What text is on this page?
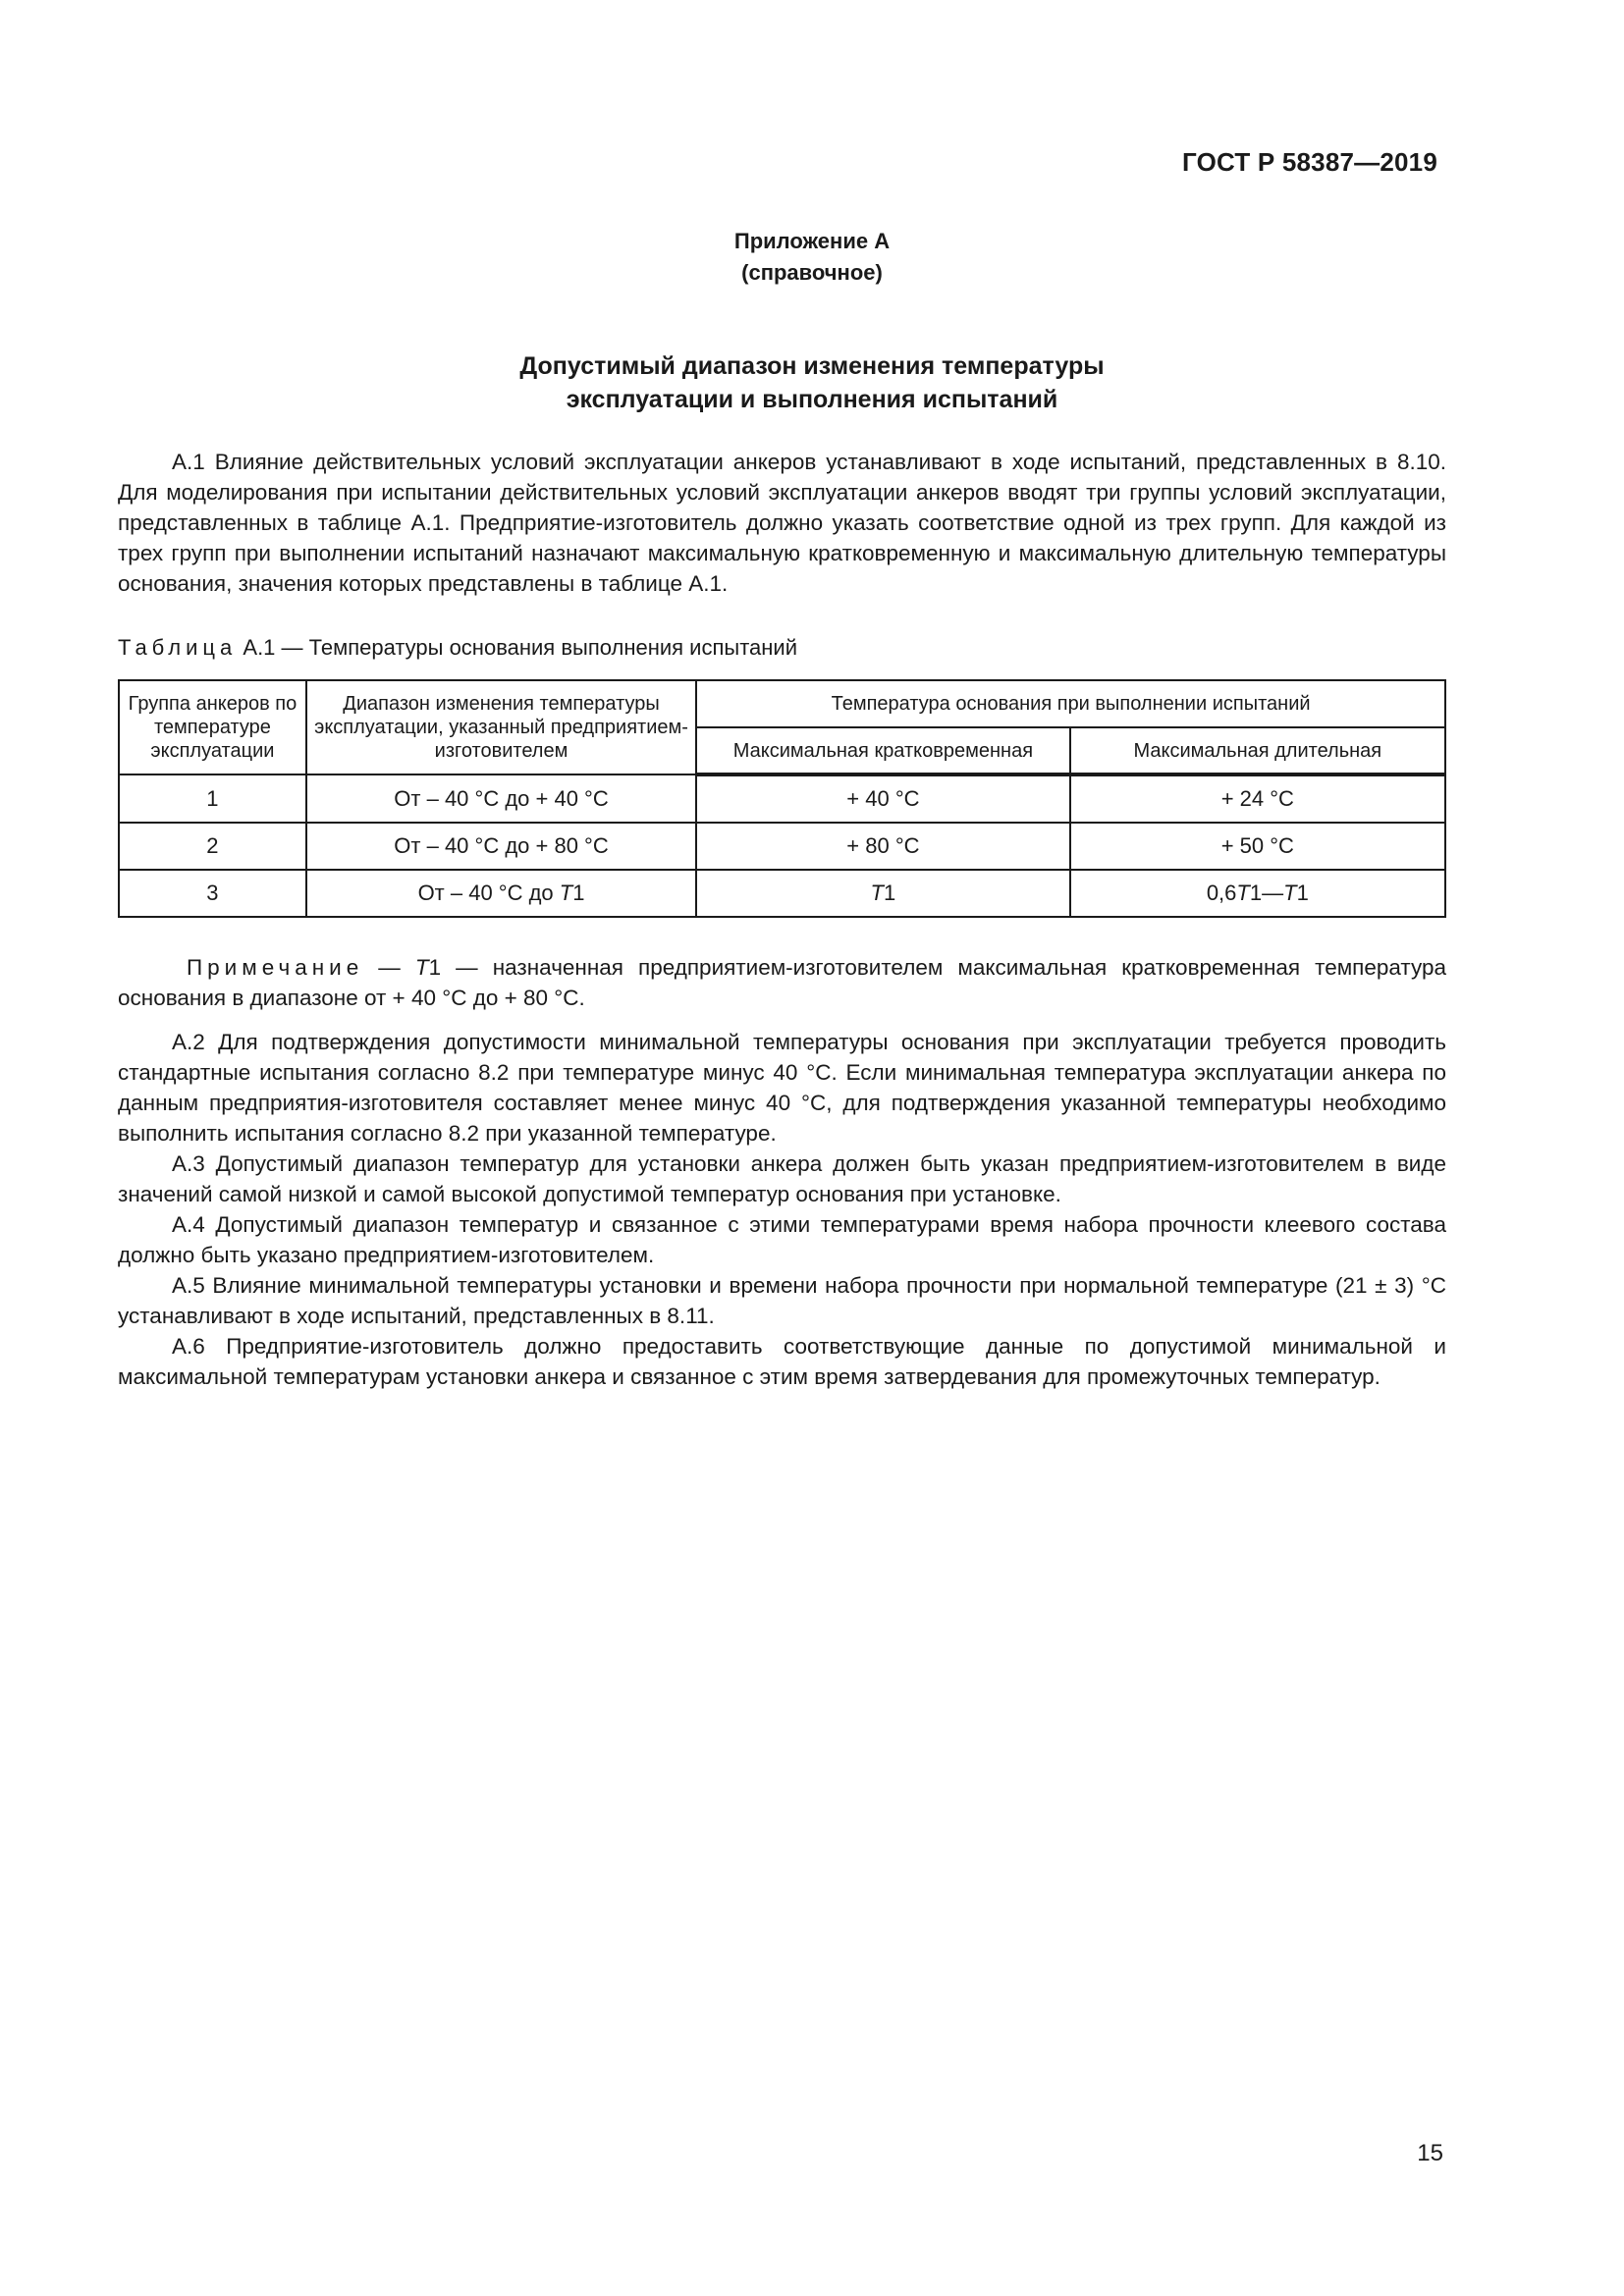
ГОСТ Р 58387—2019
Приложение А
(справочное)
Допустимый диапазон изменения температуры
эксплуатации и выполнения испытаний

А.1 Влияние действительных условий эксплуатации анкеров устанавливают в ходе испытаний, представленных в 8.10. Для моделирования при испытании действительных условий эксплуатации анкеров вводят три группы условий эксплуатации, представленных в таблице А.1. Предприятие-изготовитель должно указать соответствие одной из трех групп. Для каждой из трех групп при выполнении испытаний назначают максимальную кратковременную и максимальную длительную температуры основания, значения которых представлены в таблице А.1.

Таблица А.1 — Температуры основания выполнения испытаний
Группа анкеров по температуре эксплуатации	Диапазон изменения температуры эксплуатации, указанный предприятием-изготовителем	Температура основания при выполнении испытаний	
		Максимальная кратковременная	Максимальная длительная
1	От – 40 °С до + 40 °С	+ 40 °С	+ 24 °С
2	От – 40 °С до + 80 °С	+ 80 °С	+ 50 °С
3	От – 40 °С до T1	T1	0,6T1—T1

Примечание — T1 — назначенная предприятием-изготовителем максимальная кратковременная температура основания в диапазоне от + 40 °С до + 80 °С.

А.2 Для подтверждения допустимости минимальной температуры основания при эксплуатации требуется проводить стандартные испытания согласно 8.2 при температуре минус 40 °С. Если минимальная температура эксплуатации анкера по данным предприятия-изготовителя составляет менее минус 40 °С, для подтверждения указанной температуры необходимо выполнить испытания согласно 8.2 при указанной температуре.

А.3 Допустимый диапазон температур для установки анкера должен быть указан предприятием-изготовителем в виде значений самой низкой и самой высокой допустимой температур основания при установке.

А.4 Допустимый диапазон температур и связанное с этими температурами время набора прочности клеевого состава должно быть указано предприятием-изготовителем.

А.5 Влияние минимальной температуры установки и времени набора прочности при нормальной температуре (21 ± 3) °С устанавливают в ходе испытаний, представленных в 8.11.

А.6 Предприятие-изготовитель должно предоставить соответствующие данные по допустимой минимальной и максимальной температурам установки анкера и связанное с этим время затвердевания для промежуточных температур.

15
